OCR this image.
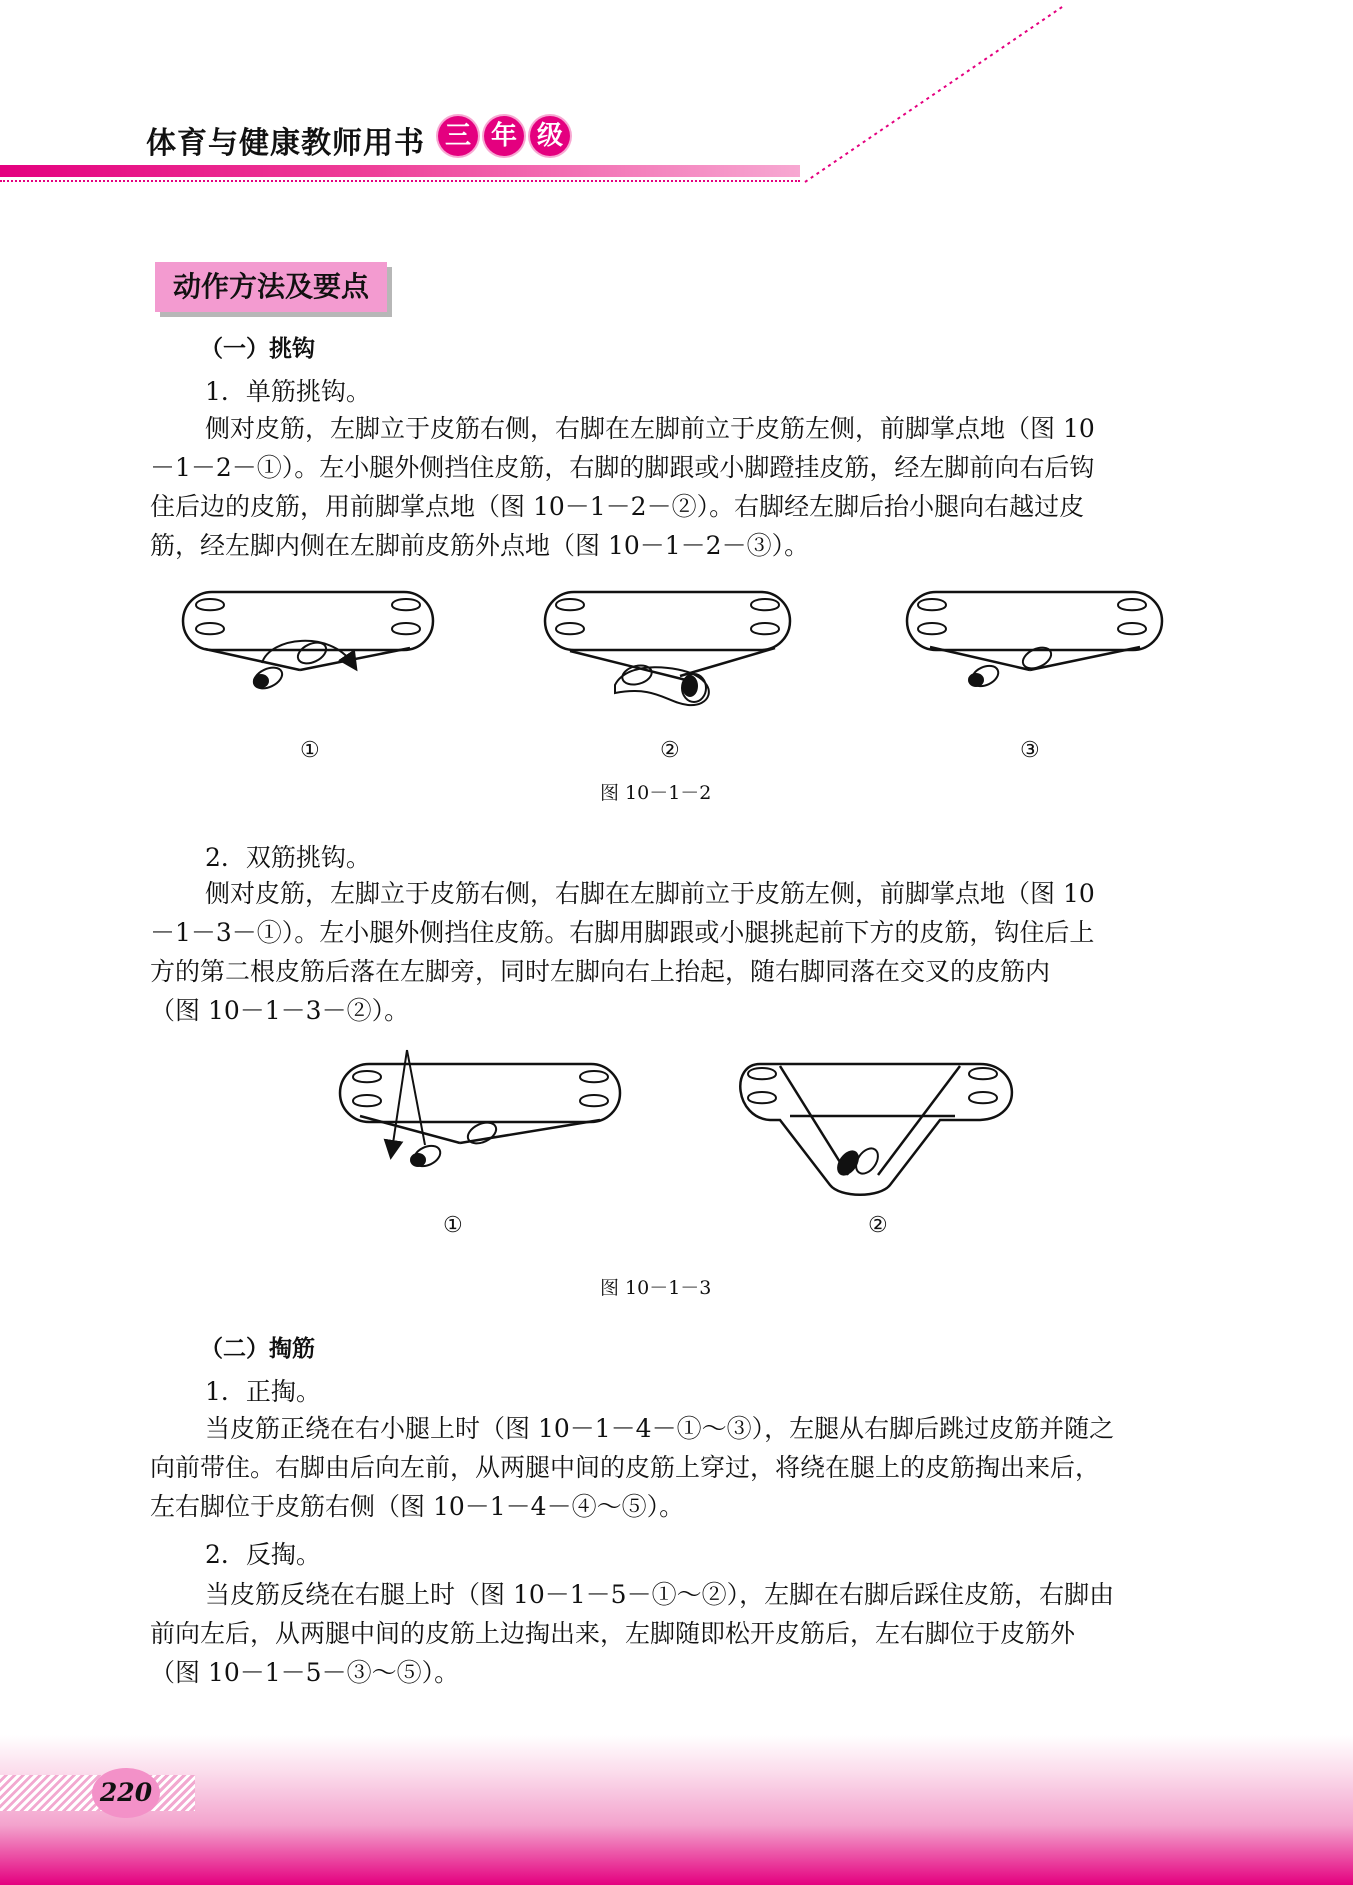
体育与健康教师用书 三 年 级
动作方法及要点
（一）挑钩
1．单筋挑钩。

侧对皮筋，左脚立于皮筋右侧，右脚在左脚前立于皮筋左侧，前脚掌点地（图 10

－1－2－①）。左小腿外侧挡住皮筋，右脚的脚跟或小脚蹬挂皮筋，经左脚前向右后钩

住后边的皮筋，用前脚掌点地（图 10－1－2－②）。右脚经左脚后抬小腿向右越过皮

筋，经左脚内侧在左脚前皮筋外点地（图 10－1－2－③）。

①	②	③
图 10－1－2
2．双筋挑钩。

侧对皮筋，左脚立于皮筋右侧，右脚在左脚前立于皮筋左侧，前脚掌点地（图 10

－1－3－①）。左小腿外侧挡住皮筋。右脚用脚跟或小腿挑起前下方的皮筋，钩住后上

方的第二根皮筋后落在左脚旁，同时左脚向右上抬起，随右脚同落在交叉的皮筋内

（图 10－1－3－②）。

①	②
图 10－1－3
（二）掏筋
1．正掏。

当皮筋正绕在右小腿上时（图 10－1－4－①～③），左腿从右脚后跳过皮筋并随之

向前带住。右脚由后向左前，从两腿中间的皮筋上穿过，将绕在腿上的皮筋掏出来后，

左右脚位于皮筋右侧（图 10－1－4－④～⑤）。

2．反掏。

当皮筋反绕在右腿上时（图 10－1－5－①～②），左脚在右脚后踩住皮筋，右脚由

前向左后，从两腿中间的皮筋上边掏出来，左脚随即松开皮筋后，左右脚位于皮筋外

（图 10－1－5－③～⑤）。

220
